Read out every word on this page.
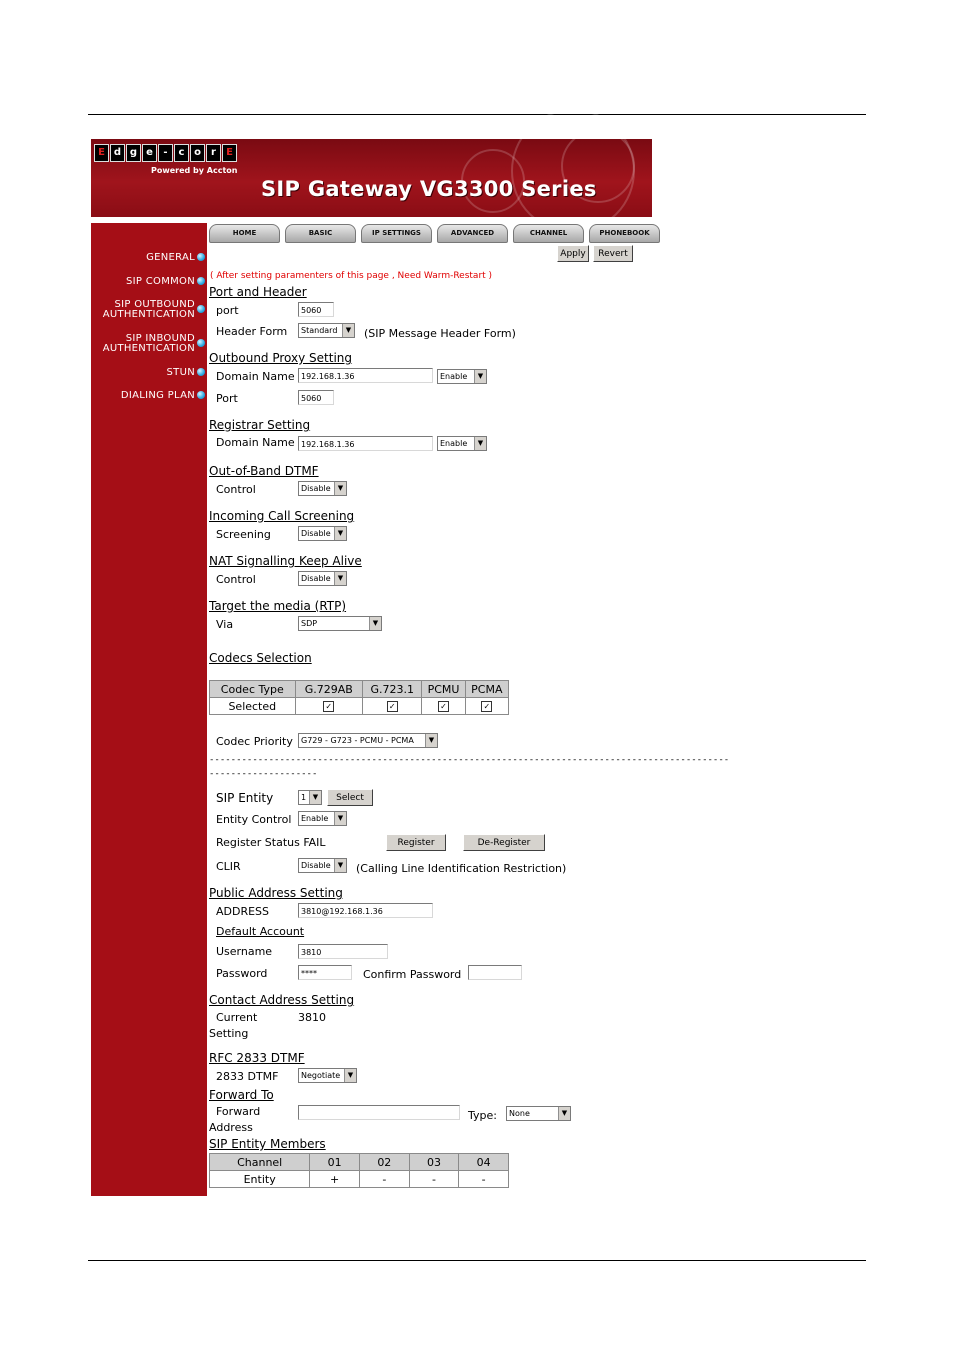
E d g e	-	c o	r	E
Powered by Accton
SIP Gateway VG3300 Series
GENERAL
SIP COMMON
SIP OUTBOUND
AUTHENTICATION
SIP INBOUND
AUTHENTICATION
STUN
DIALING PLAN
HOME	BASIC	IP SETTINGS	ADVANCED	CHANNEL	PHONEBOOK
Apply	Revert
( After setting paramenters of this page , Need Warm-Restart )
Port and Header
port	5060
Header Form	Standard	▼ (SIP Message Header Form)
Outbound Proxy Setting
Domain Name 192.168.1.36	Enable	▼
Port	5060
Registrar Setting
Domain Name 192.168.1.36	Enable	▼
Out-of-Band DTMF
Control	Disable	▼
Incoming Call Screening
Screening	Disable	▼
NAT Signalling Keep Alive
Control	Disable	▼
Target the media (RTP)
Via	SDP	▼
Codecs Selection
Codec Type	G.729AB	G.723.1	PCMU	PCMA
Selected	✓	✓	✓	✓
Codec Priority	G729 - G723 - PCMU - PCMA	▼
------------------------------------------------------------------------------------------------
--------------------
SIP Entity	1 ▼	Select
Entity Control	Enable	▼
Register Status FAIL	Register	De-Register
CLIR	Disable	▼ (Calling Line Identification Restriction)
Public Address Setting
ADDRESS	3810@192.168.1.36
Default Account
Username	3810
Password	****	Confirm Password
Contact Address Setting
Current	3810
Setting
RFC 2833 DTMF
2833 DTMF	Negotiate	▼
Forward To
Forward
Address
Type:	None	▼
SIP Entity Members
Channel	01	02	03	04
Entity	+	-	-	-
